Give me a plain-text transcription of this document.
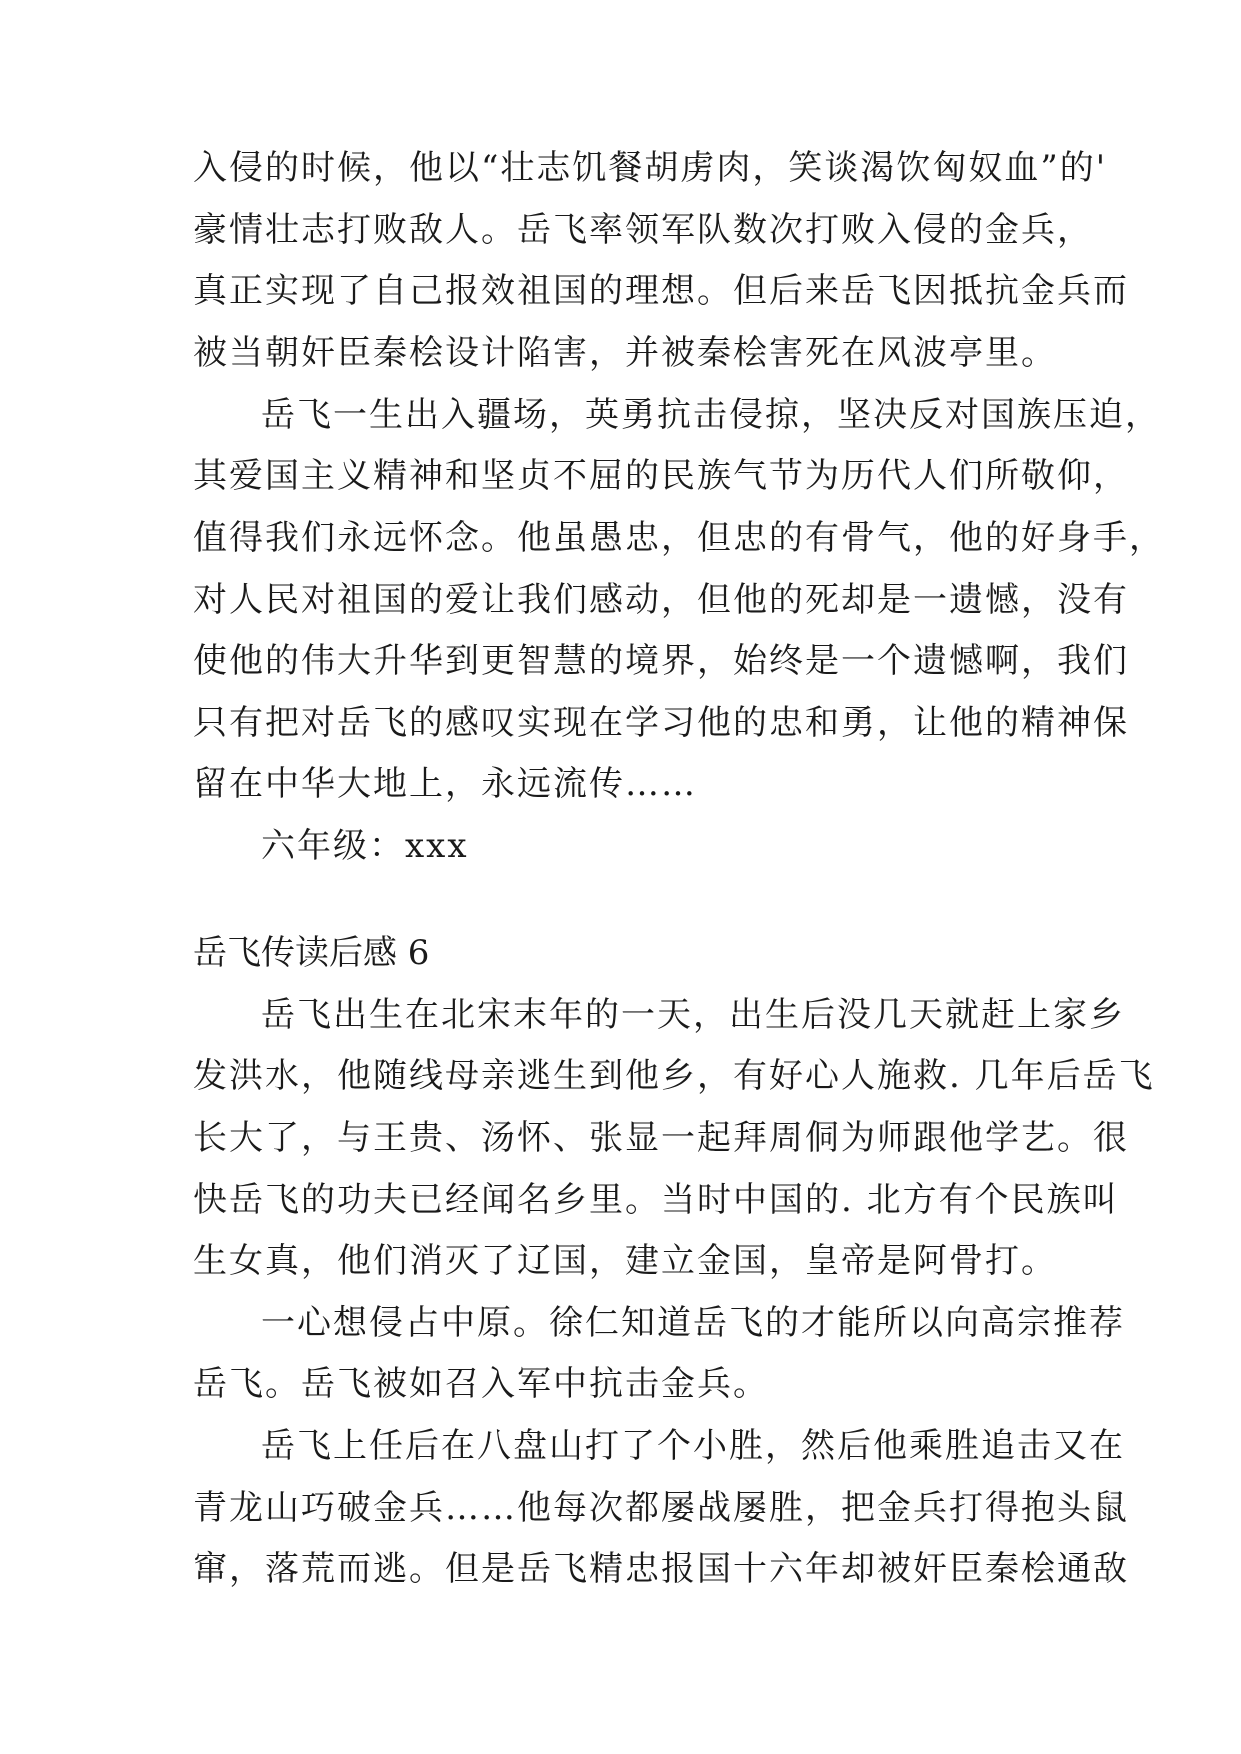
入侵的时候，他以“壮志饥餐胡虏肉，笑谈渴饮匈奴血”的'
豪情壮志打败敌人。岳飞率领军队数次打败入侵的金兵，
真正实现了自己报效祖国的理想。但后来岳飞因抵抗金兵而
被当朝奸臣秦桧设计陷害，并被秦桧害死在风波亭里。
岳飞一生出入疆场，英勇抗击侵掠，坚决反对国族压迫，
其爱国主义精神和坚贞不屈的民族气节为历代人们所敬仰，
值得我们永远怀念。他虽愚忠，但忠的有骨气，他的好身手，
对人民对祖国的爱让我们感动，但他的死却是一遗憾，没有
使他的伟大升华到更智慧的境界，始终是一个遗憾啊，我们
只有把对岳飞的感叹实现在学习他的忠和勇，让他的精神保
留在中华大地上，永远流传……
六年级：xxx
岳飞传读后感 6
岳飞出生在北宋末年的一天，出生后没几天就赶上家乡
发洪水，他随线母亲逃生到他乡，有好心人施救. 几年后岳飞
长大了，与王贵、汤怀、张显一起拜周侗为师跟他学艺。很
快岳飞的功夫已经闻名乡里。当时中国的. 北方有个民族叫
生女真，他们消灭了辽国，建立金国，皇帝是阿骨打。
一心想侵占中原。徐仁知道岳飞的才能所以向高宗推荐
岳飞。岳飞被如召入军中抗击金兵。
岳飞上任后在八盘山打了个小胜，然后他乘胜追击又在
青龙山巧破金兵……他每次都屡战屡胜，把金兵打得抱头鼠
窜，落荒而逃。但是岳飞精忠报国十六年却被奸臣秦桧通敌
